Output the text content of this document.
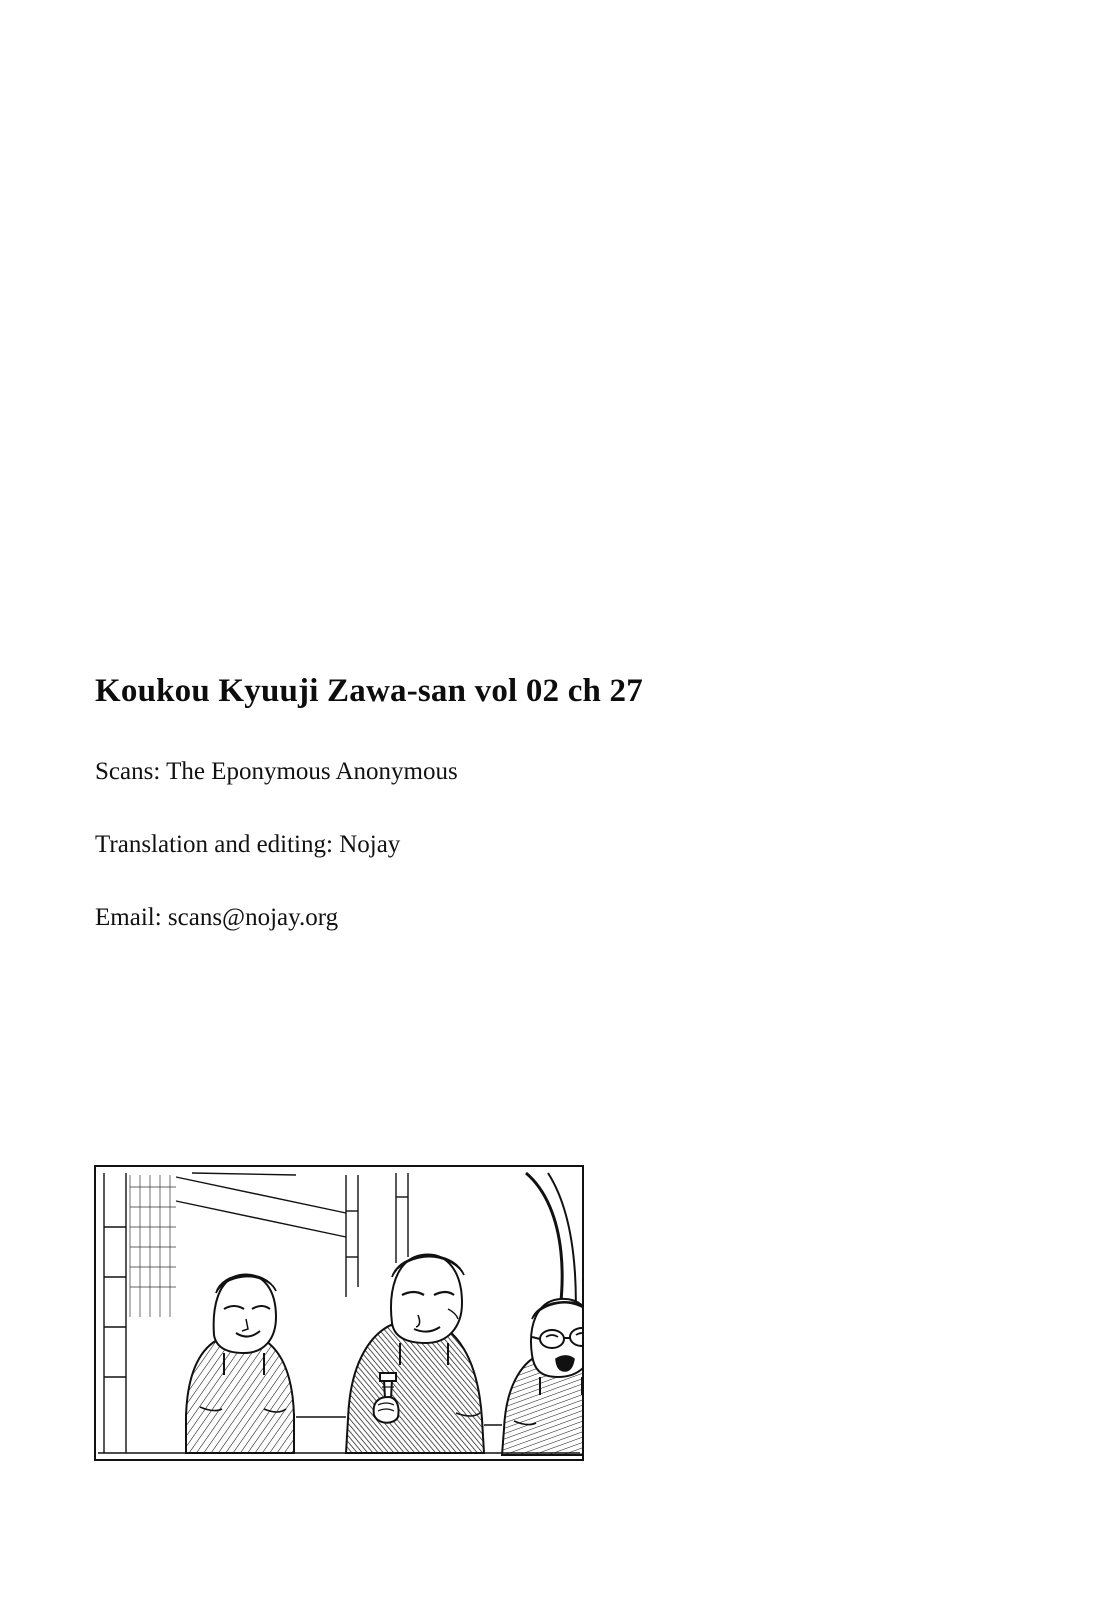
Koukou Kyuuji Zawa-san vol 02 ch 27

Scans: The Eponymous Anonymous

Translation and editing: Nojay

Email: scans@nojay.org
